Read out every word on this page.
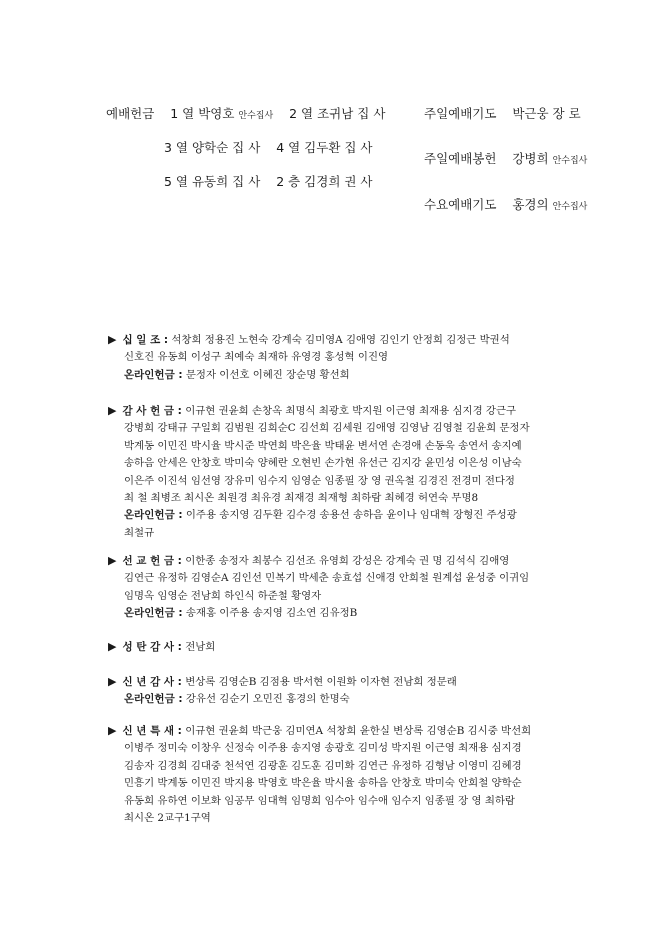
예배헌금 1 열 박영호 안수집사 2 열 조귀남 집 사
3 열 양학순 집 사 4 열 김두환 집 사
5 열 유동희 집 사 2 층 김경희 권 사
주일예배기도 박근웅 장 로
주일예배봉헌 강병희 안수집사
수요예배기도 홍경의 안수집사

▶ 십 일 조 : 석창희 정용진 노현숙 강계숙 김미영A 김애영 김인기 안정희 김정근 박권석

신호진 유동희 이성구 최예숙 최재하 유영경 홍성혁 이진영

온라인헌금 : 문정자 이선호 이혜진 장순명 황선희

▶ 감 사 헌 금 : 이규현 권윤희 손창옥 최명식 최광호 박지원 이근영 최재용 심지경 강근구

강병희 강태규 구일회 김범원 김희순C 김선희 김세원 김애영 김영남 김영철 김윤희 문정자

박계동 이민진 박시율 박시준 박연희 박은율 박태윤 변서연 손경애 손동욱 송연서 송지예

송하음 안세은 안창호 박미숙 양혜란 오현빈 손가현 유선근 김지강 윤민성 이은성 이남숙

이은주 이진석 임선영 장유미 임수지 임영순 임종필 장 영 권옥철 김경진 전경미 전다정

최 철 최병조 최시온 최원경 최유경 최재경 최재형 최하람 최혜경 허연숙 무명8

온라인헌금 : 이주용 송지영 김두환 김수경 송용선 송하음 윤이나 임대혁 장형진 주성광

최철규

▶ 선 교 헌 금 : 이한종 송정자 최봉수 김선조 유영희 강성은 강계숙 권 명 김석식 김애영

김연근 유정하 김영순A 김인선 민복기 박세춘 송효섭 신애경 안희철 원계섭 윤성중 이귀임

임명옥 임영순 전남희 하인식 하준철 황영자

온라인헌금 : 송재홍 이주용 송지영 김소연 김유정B

▶ 성 탄 감 사 : 전남희

▶ 신 년 감 사 : 변상록 김영순B 김점용 박서현 이원화 이자현 전남희 정문래

온라인헌금 : 강유선 김순기 오민진 홍경의 한명숙

▶ 신 년 특 새 : 이규현 권윤희 박근웅 김미연A 석창희 윤한실 변상록 김영순B 김시중 박선희

이병주 정미숙 이창우 신정숙 이주용 송지영 송광호 김미성 박지원 이근영 최재용 심지경

김송자 김경희 김대중 천석연 김광훈 김도훈 김미화 김연근 유정하 김형남 이영미 김혜경

민흥기 박계동 이민진 박지용 박영호 박은율 박시율 송하음 안창호 박미숙 안희철 양학순

유동희 유하연 이보화 임공무 임대혁 임명희 임수아 임수애 임수지 임종필 장 영 최하람

최시온 2교구1구역
